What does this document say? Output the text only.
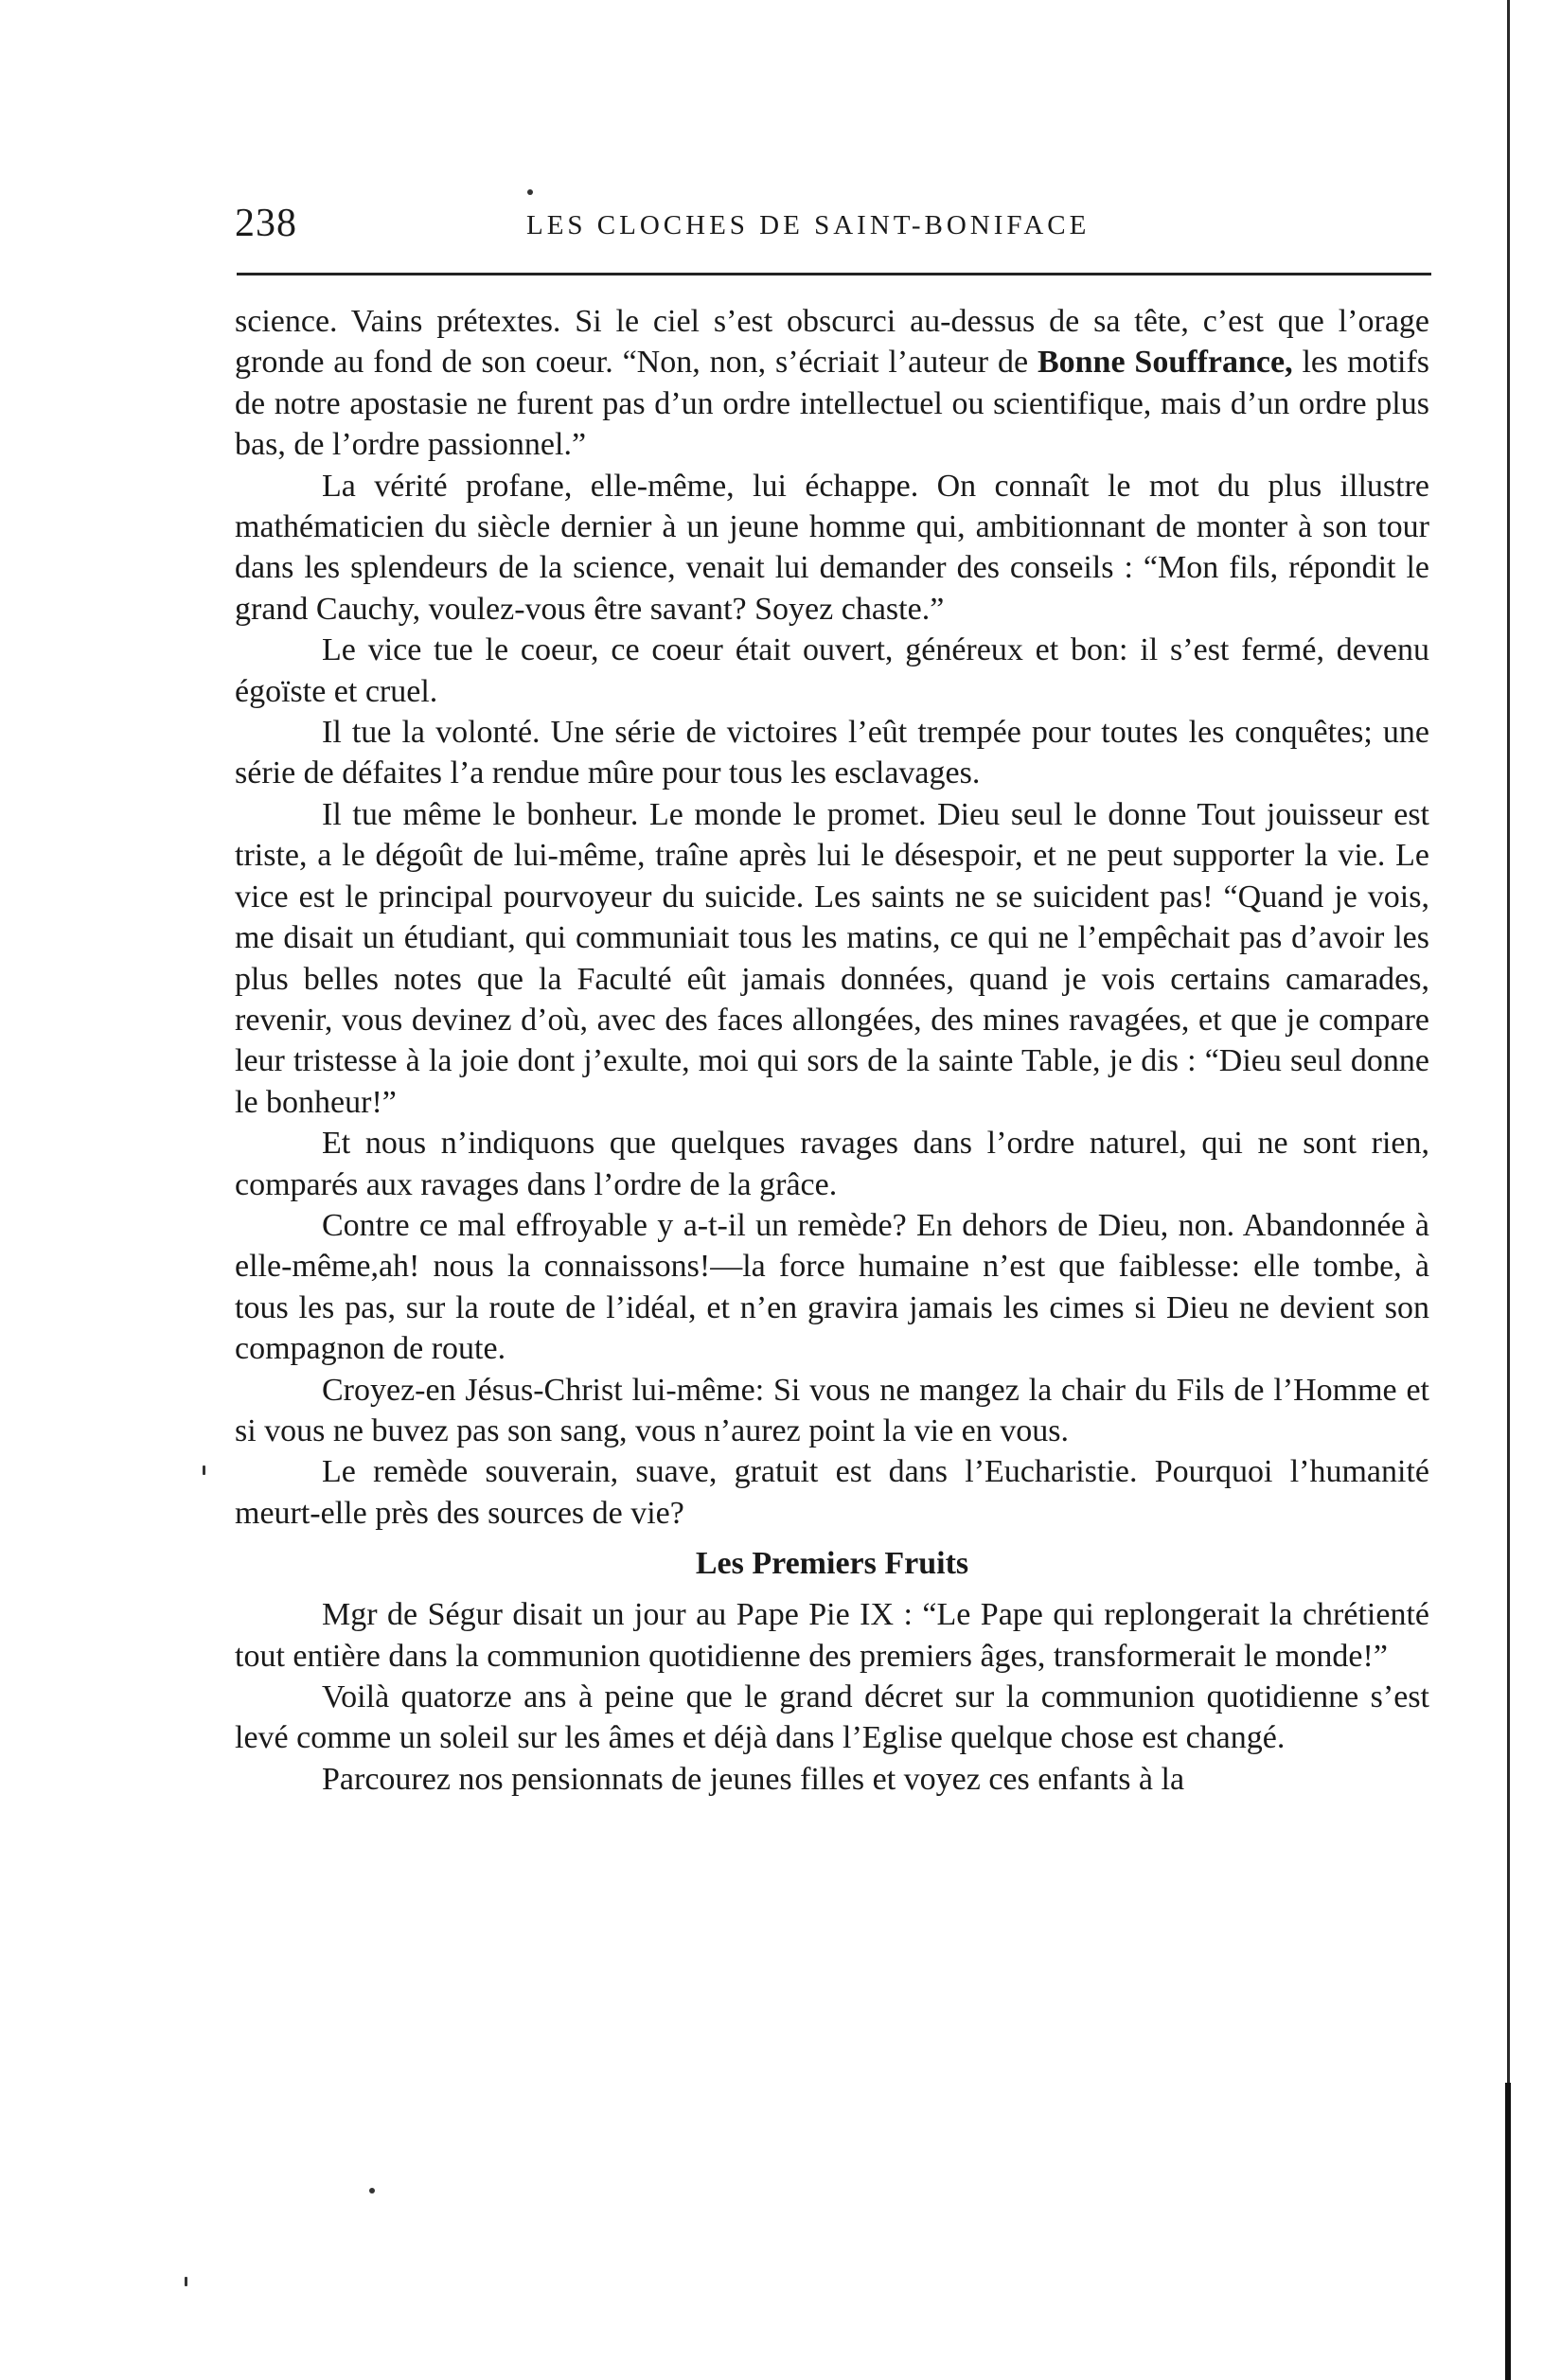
238	LES CLOCHES DE SAINT-BONIFACE

science. Vains prétextes. Si le ciel s’est obscurci au-dessus de sa tête, c’est que l’orage gronde au fond de son coeur. “Non, non, s’écriait l’auteur de Bonne Souffrance, les motifs de notre apostasie ne furent pas d’un ordre intellectuel ou scientifique, mais d’un ordre plus bas, de l’ordre passionnel.”

La vérité profane, elle-même, lui échappe. On connaît le mot du plus illustre mathématicien du siècle dernier à un jeune homme qui, ambitionnant de monter à son tour dans les splendeurs de la science, venait lui demander des conseils : “Mon fils, répondit le grand Cauchy, voulez-vous être savant? Soyez chaste.”

Le vice tue le coeur, ce coeur était ouvert, généreux et bon: il s’est fermé, devenu égoïste et cruel.

Il tue la volonté. Une série de victoires l’eût trempée pour toutes les conquêtes; une série de défaites l’a rendue mûre pour tous les esclavages.

Il tue même le bonheur. Le monde le promet. Dieu seul le donne Tout jouisseur est triste, a le dégoût de lui-même, traîne après lui le désespoir, et ne peut supporter la vie. Le vice est le principal pourvoyeur du suicide. Les saints ne se suicident pas! “Quand je vois, me disait un étudiant, qui communiait tous les matins, ce qui ne l’empêchait pas d’avoir les plus belles notes que la Faculté eût jamais données, quand je vois certains camarades, revenir, vous devinez d’où, avec des faces allongées, des mines ravagées, et que je compare leur tristesse à la joie dont j’exulte, moi qui sors de la sainte Table, je dis : “Dieu seul donne le bonheur!”

Et nous n’indiquons que quelques ravages dans l’ordre naturel, qui ne sont rien, comparés aux ravages dans l’ordre de la grâce.

Contre ce mal effroyable y a-t-il un remède? En dehors de Dieu, non. Abandonnée à elle-même,ah! nous la connaissons!—la force humaine n’est que faiblesse: elle tombe, à tous les pas, sur la route de l’idéal, et n’en gravira jamais les cimes si Dieu ne devient son compagnon de route.

Croyez-en Jésus-Christ lui-même: Si vous ne mangez la chair du Fils de l’Homme et si vous ne buvez pas son sang, vous n’aurez point la vie en vous.

Le remède souverain, suave, gratuit est dans l’Eucharistie. Pourquoi l’humanité meurt-elle près des sources de vie?

Les Premiers Fruits

Mgr de Ségur disait un jour au Pape Pie IX : “Le Pape qui replongerait la chrétienté tout entière dans la communion quotidienne des premiers âges, transformerait le monde!”

Voilà quatorze ans à peine que le grand décret sur la communion quotidienne s’est levé comme un soleil sur les âmes et déjà dans l’Eglise quelque chose est changé.

Parcourez nos pensionnats de jeunes filles et voyez ces enfants à la
